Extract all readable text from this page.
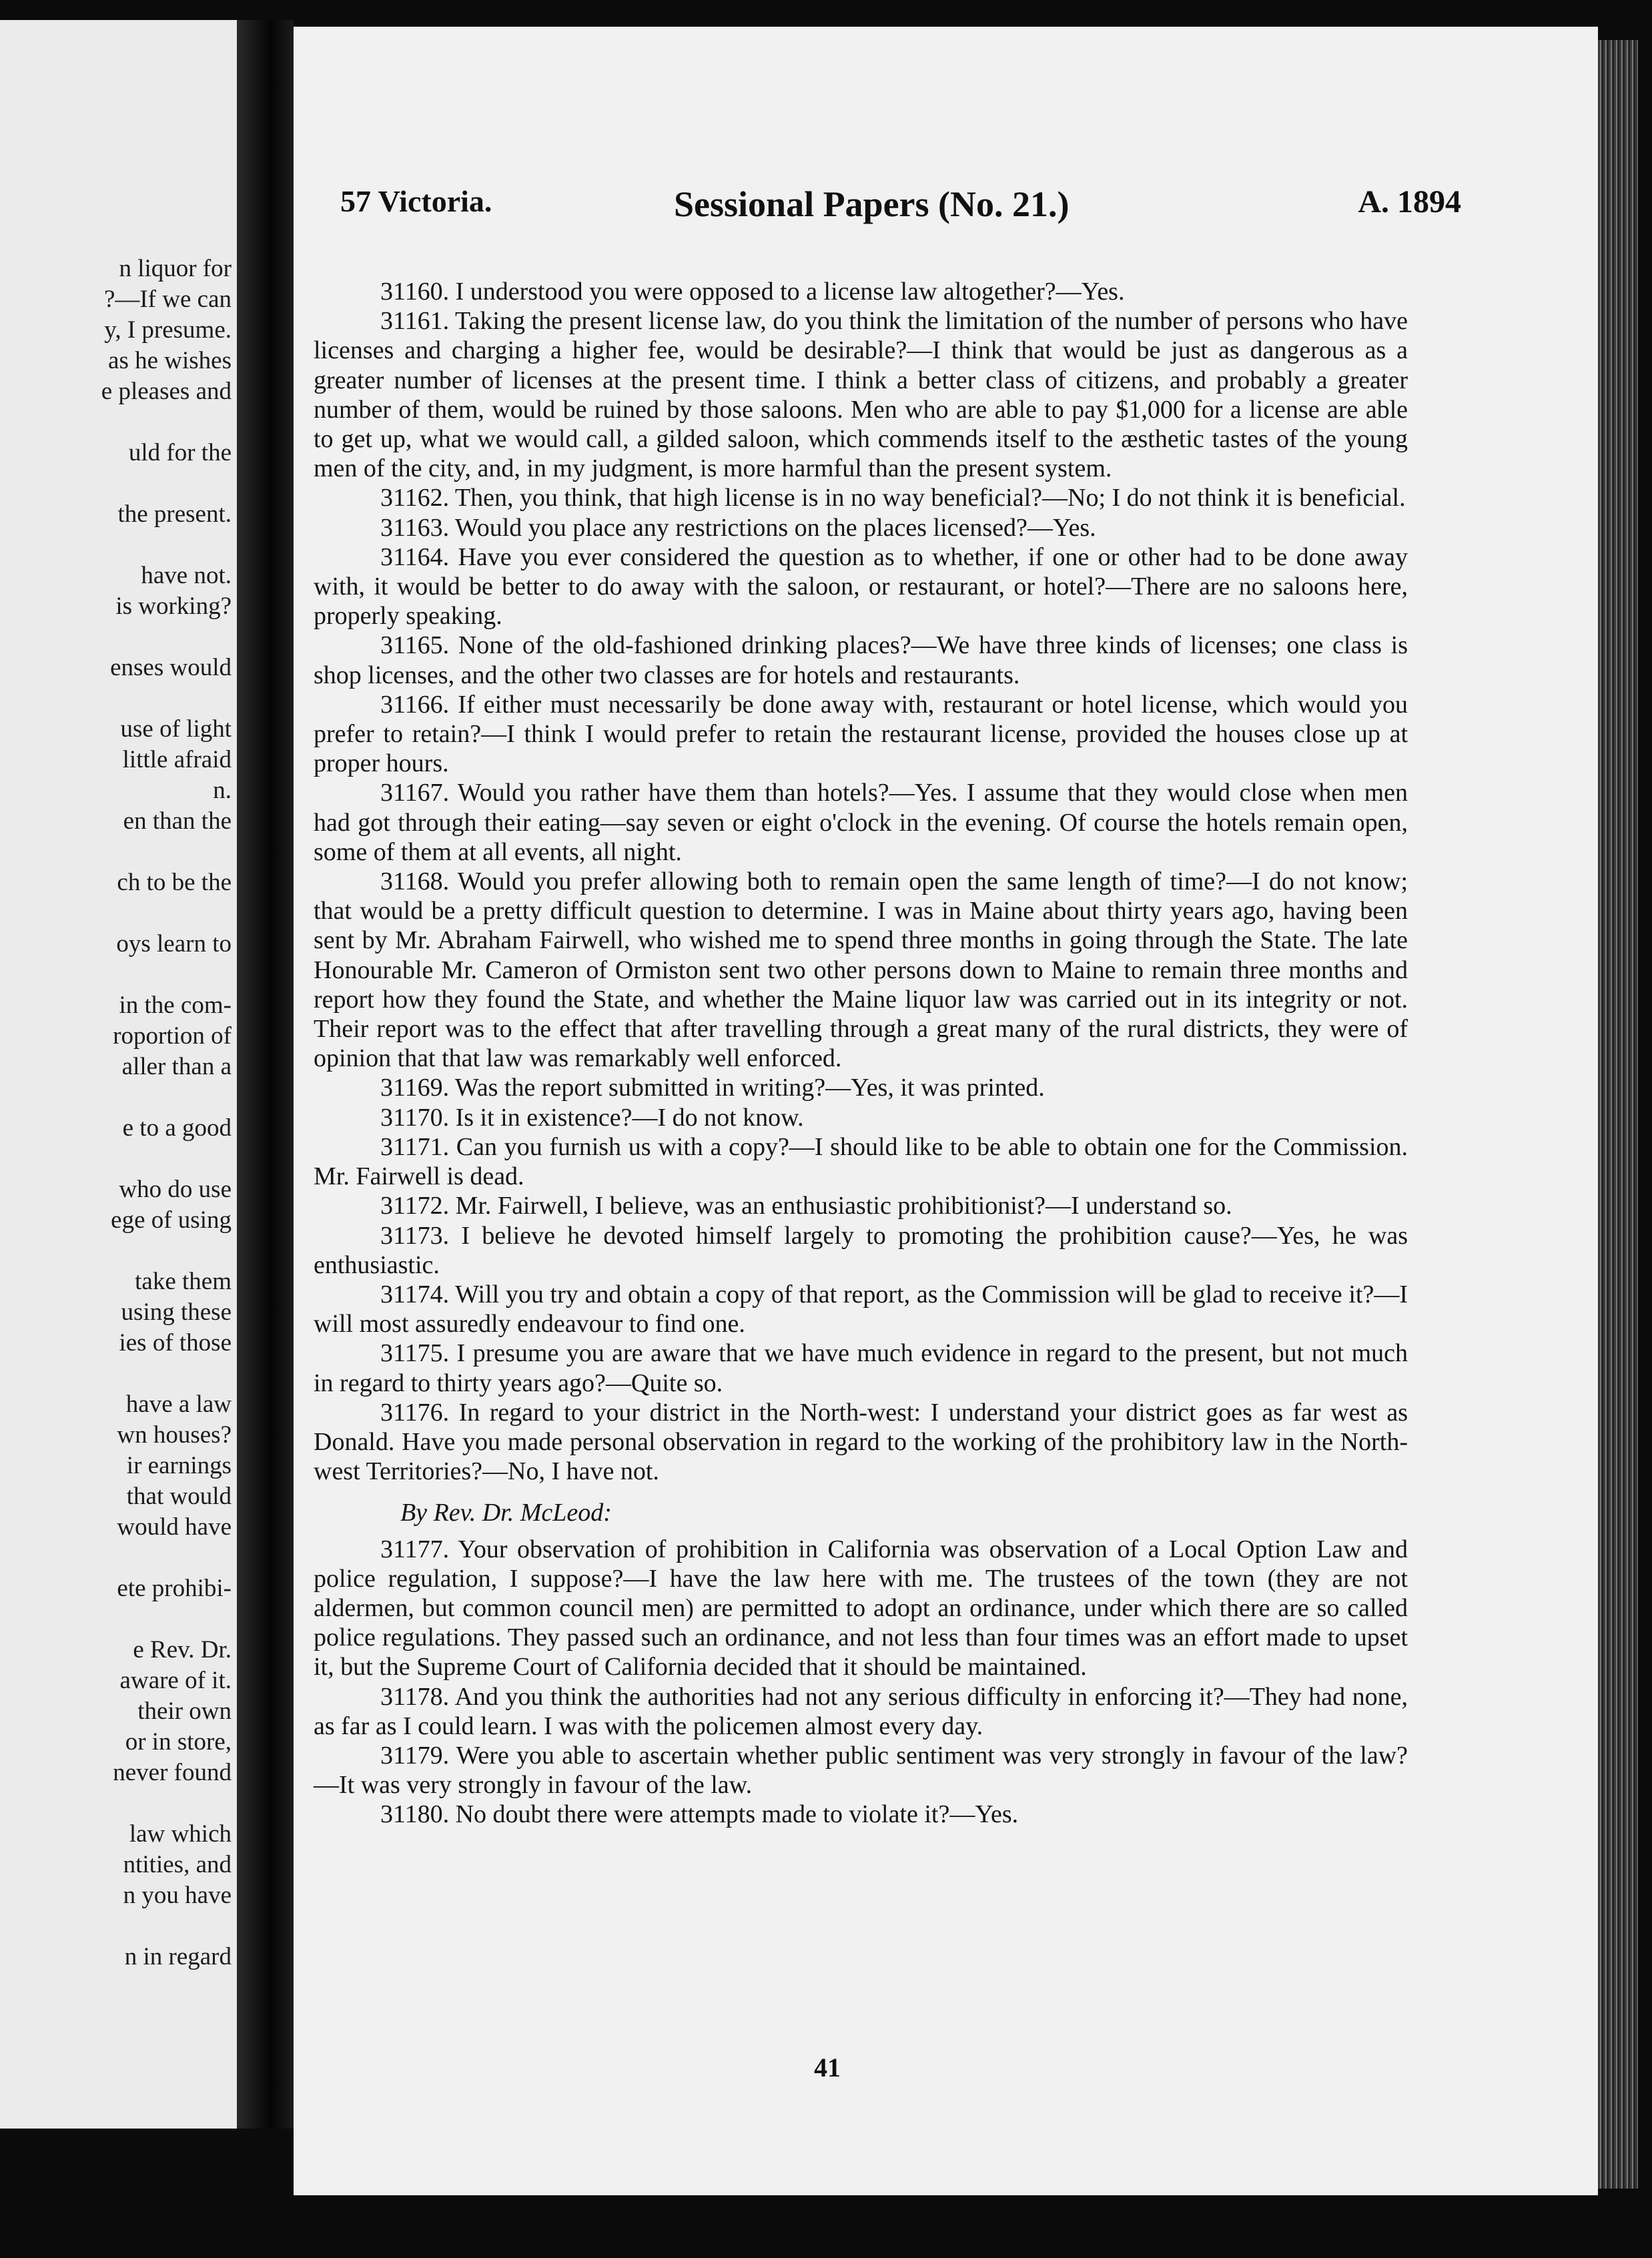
n liquor for
?—If we can
y, I presume.
as he wishes
e pleases and
uld for the
the present.
have not.
is working?
enses would
use of light
little afraid
n.
en than the
ch to be the
oys learn to
in the com-
roportion of
aller than a
e to a good
who do use
ege of using
take them
using these
ies of those
have a law
wn houses?
ir earnings
that would
would have
ete prohibi-
e Rev. Dr.
aware of it.
their own
or in store,
never found
law which
ntities, and
n you have
n in regard
57 Victoria.	Sessional Papers (No. 21.)	A. 1894

31160. I understood you were opposed to a license law altogether?—Yes.

31161. Taking the present license law, do you think the limitation of the number of persons who have licenses and charging a higher fee, would be desirable?—I think that would be just as dangerous as a greater number of licenses at the present time. I think a better class of citizens, and probably a greater number of them, would be ruined by those saloons. Men who are able to pay $1,000 for a license are able to get up, what we would call, a gilded saloon, which commends itself to the æsthetic tastes of the young men of the city, and, in my judgment, is more harmful than the present system.

31162. Then, you think, that high license is in no way beneficial?—No; I do not think it is beneficial.

31163. Would you place any restrictions on the places licensed?—Yes.

31164. Have you ever considered the question as to whether, if one or other had to be done away with, it would be better to do away with the saloon, or restaurant, or hotel?—There are no saloons here, properly speaking.

31165. None of the old-fashioned drinking places?—We have three kinds of licenses; one class is shop licenses, and the other two classes are for hotels and restaurants.

31166. If either must necessarily be done away with, restaurant or hotel license, which would you prefer to retain?—I think I would prefer to retain the restaurant license, provided the houses close up at proper hours.

31167. Would you rather have them than hotels?—Yes. I assume that they would close when men had got through their eating—say seven or eight o'clock in the evening. Of course the hotels remain open, some of them at all events, all night.

31168. Would you prefer allowing both to remain open the same length of time?—I do not know; that would be a pretty difficult question to determine. I was in Maine about thirty years ago, having been sent by Mr. Abraham Fairwell, who wished me to spend three months in going through the State. The late Honourable Mr. Cameron of Ormiston sent two other persons down to Maine to remain three months and report how they found the State, and whether the Maine liquor law was carried out in its integrity or not. Their report was to the effect that after travelling through a great many of the rural districts, they were of opinion that that law was remarkably well enforced.

31169. Was the report submitted in writing?—Yes, it was printed.

31170. Is it in existence?—I do not know.

31171. Can you furnish us with a copy?—I should like to be able to obtain one for the Commission. Mr. Fairwell is dead.

31172. Mr. Fairwell, I believe, was an enthusiastic prohibitionist?—I understand so.

31173. I believe he devoted himself largely to promoting the prohibition cause?—Yes, he was enthusiastic.

31174. Will you try and obtain a copy of that report, as the Commission will be glad to receive it?—I will most assuredly endeavour to find one.

31175. I presume you are aware that we have much evidence in regard to the present, but not much in regard to thirty years ago?—Quite so.

31176. In regard to your district in the North-west: I understand your district goes as far west as Donald. Have you made personal observation in regard to the working of the prohibitory law in the North-west Territories?—No, I have not.

By Rev. Dr. McLeod:

31177. Your observation of prohibition in California was observation of a Local Option Law and police regulation, I suppose?—I have the law here with me. The trustees of the town (they are not aldermen, but common council men) are permitted to adopt an ordinance, under which there are so called police regulations. They passed such an ordinance, and not less than four times was an effort made to upset it, but the Supreme Court of California decided that it should be maintained.

31178. And you think the authorities had not any serious difficulty in enforcing it?—They had none, as far as I could learn. I was with the policemen almost every day.

31179. Were you able to ascertain whether public sentiment was very strongly in favour of the law?—It was very strongly in favour of the law.

31180. No doubt there were attempts made to violate it?—Yes.

41
